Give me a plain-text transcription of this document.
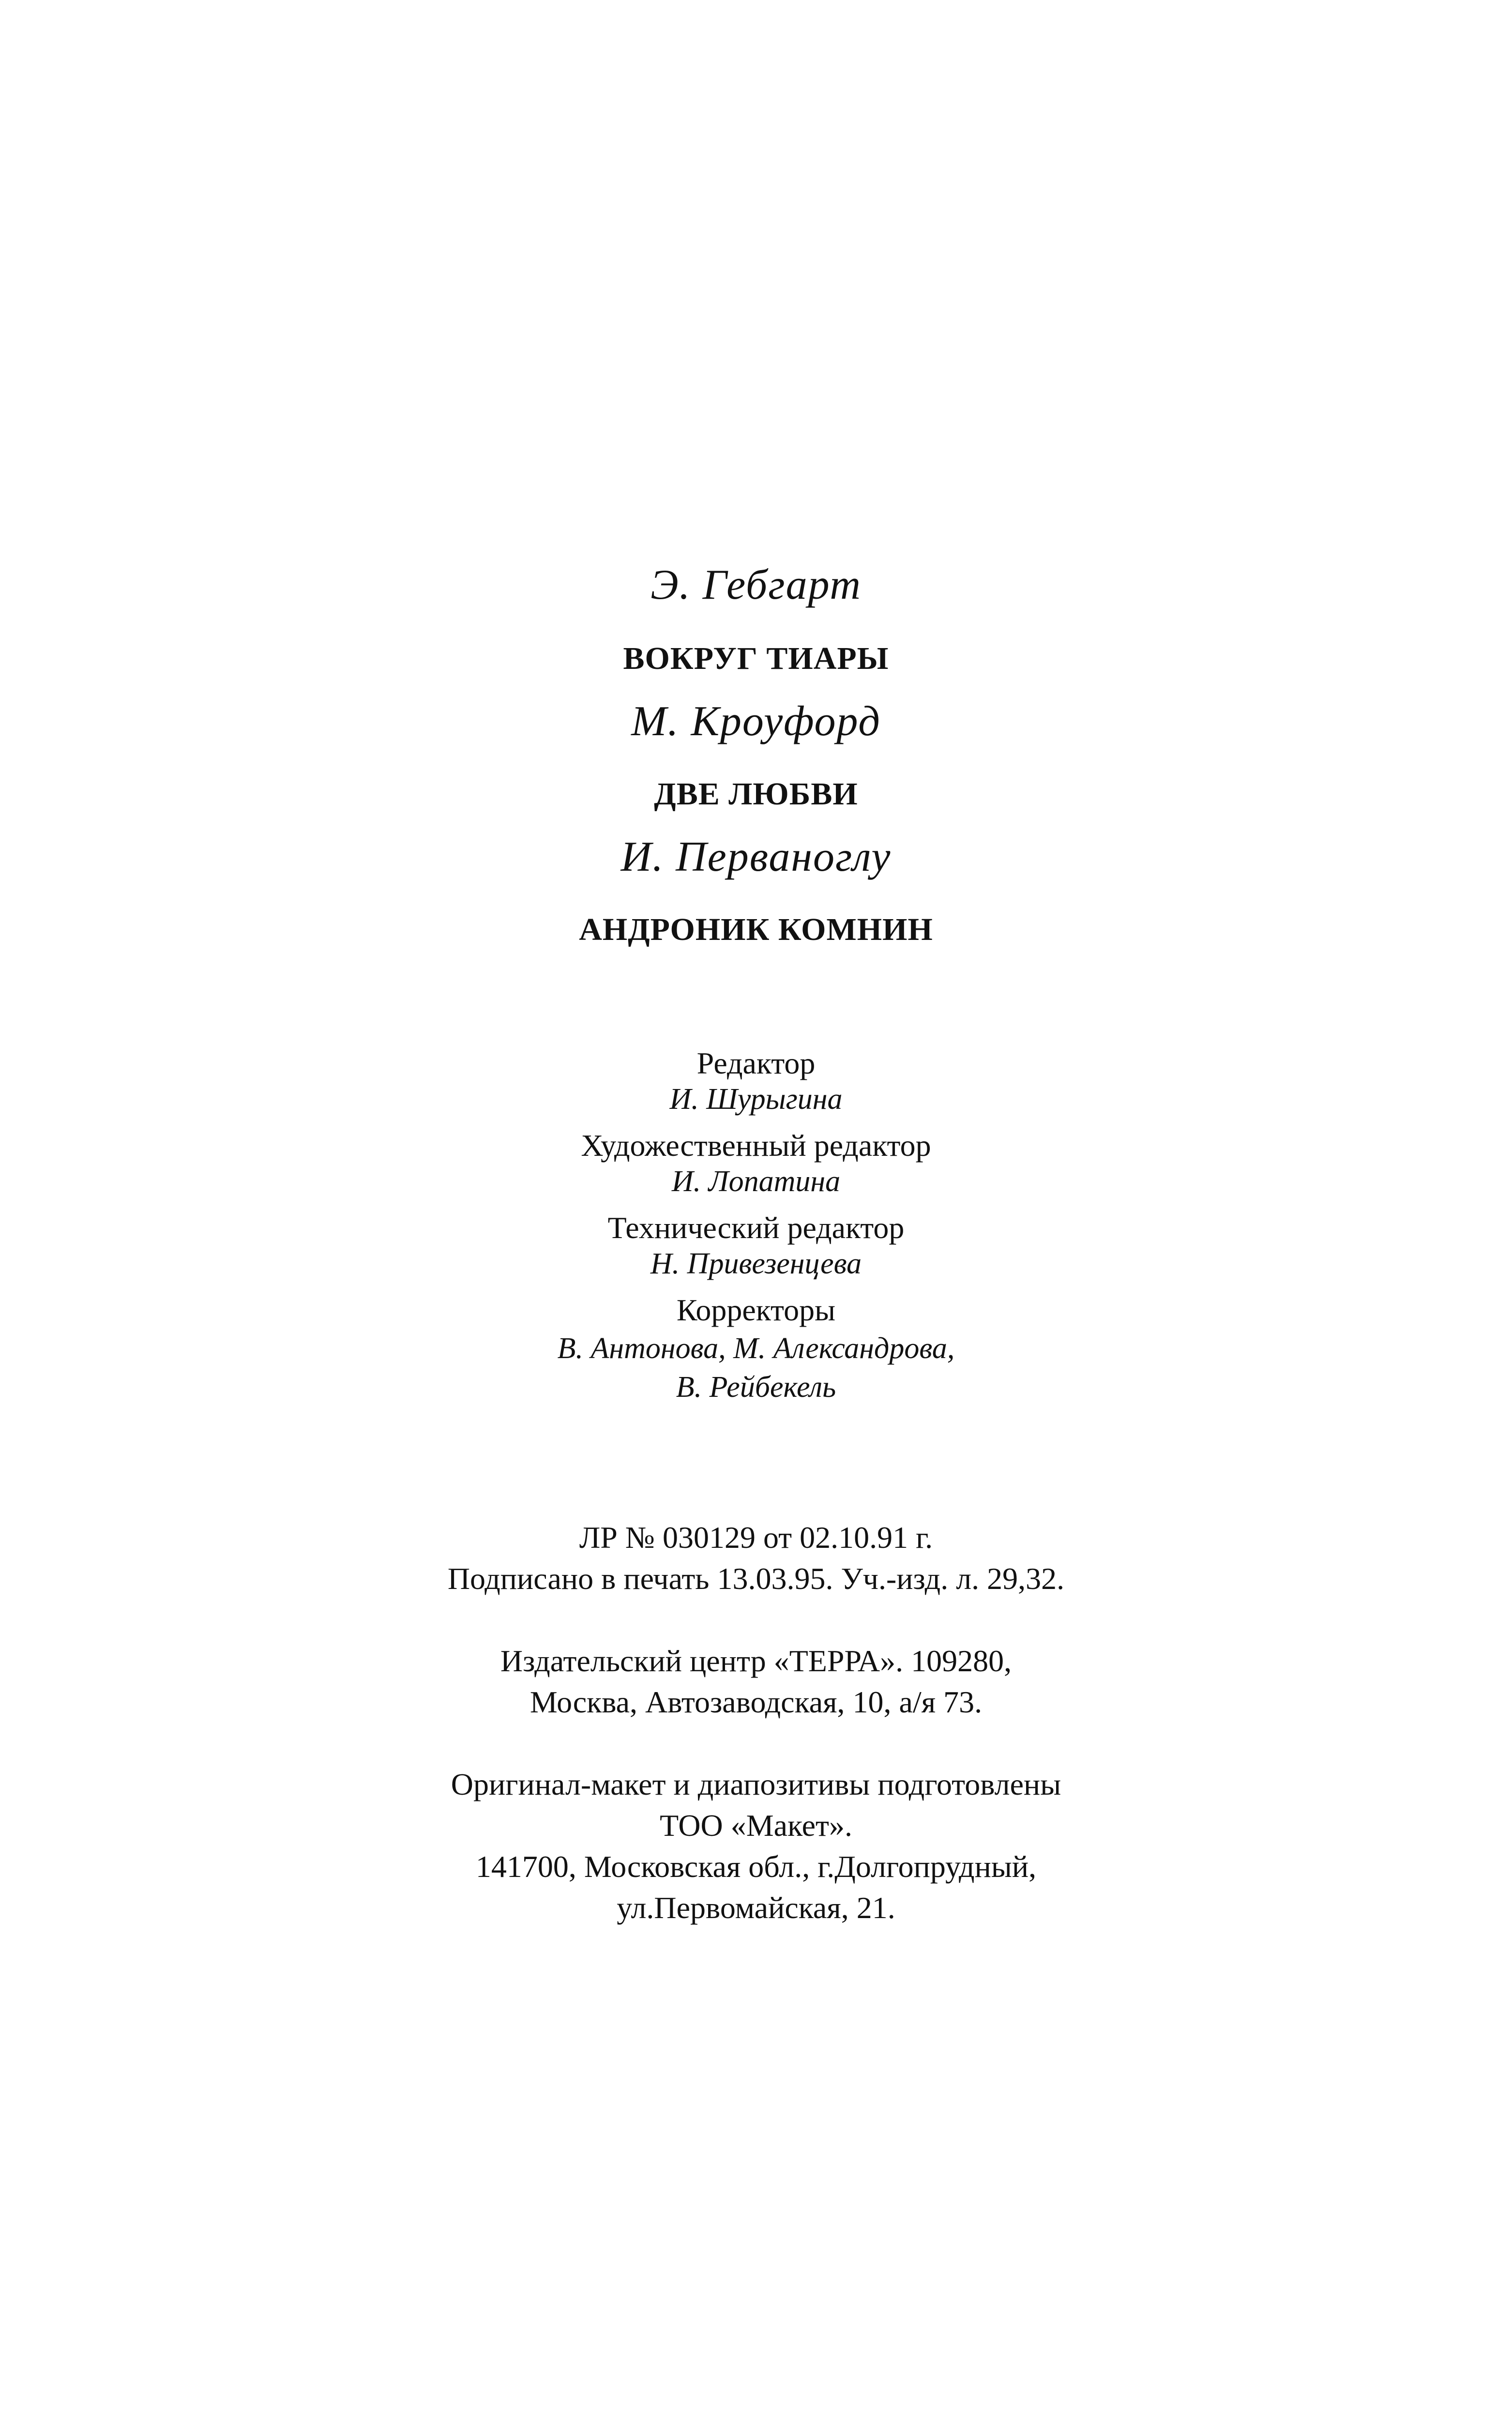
Э. Гебгарт
ВОКРУГ ТИАРЫ
М. Кроуфорд
ДВЕ ЛЮБВИ
И. Перваноглу
АНДРОНИК КОМНИН
Редактор
И. Шурыгина
Художественный редактор
И. Лопатина
Технический редактор
Н. Привезенцева
Корректоры
В. Антонова, М. Александрова,
В. Рейбекель
ЛР № 030129 от 02.10.91 г.
Подписано в печать 13.03.95. Уч.-изд. л. 29,32.
Издательский центр «ТЕРРА». 109280,
Москва, Автозаводская, 10, а/я 73.
Оригинал-макет и диапозитивы подготовлены
ТОО «Макет».
141700, Московская обл., г.Долгопрудный,
ул.Первомайская, 21.
